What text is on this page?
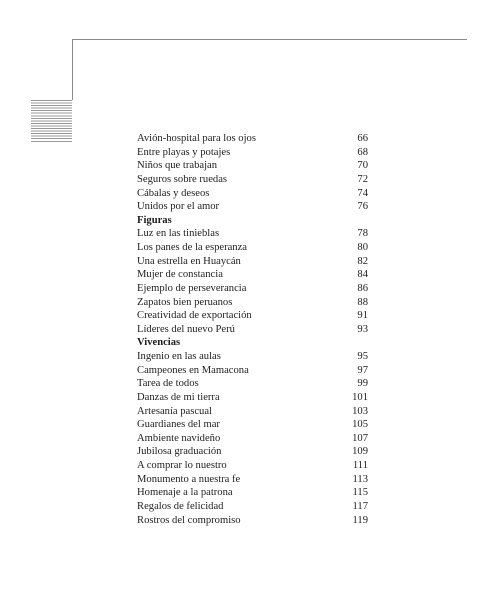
Avión-hospital para los ojos	66
Entre playas y potajes	68
Niños que trabajan	70
Seguros sobre ruedas	72
Cábalas y deseos	74
Unidos por el amor	76
Figuras
Luz en las tinieblas	78
Los panes de la esperanza	80
Una estrella en Huaycán	82
Mujer de constancia	84
Ejemplo de perseverancia	86
Zapatos bien peruanos	88
Creatividad de exportación	91
Líderes del nuevo Perú	93
Vivencias
Ingenio en las aulas	95
Campeones en Mamacona	97
Tarea de todos	99
Danzas de mi tierra	101
Artesanía pascual	103
Guardianes del mar	105
Ambiente navideño	107
Jubilosa graduación	109
A comprar lo nuestro	111
Monumento a nuestra fe	113
Homenaje a la patrona	115
Regalos de felicidad	117
Rostros del compromiso	119
